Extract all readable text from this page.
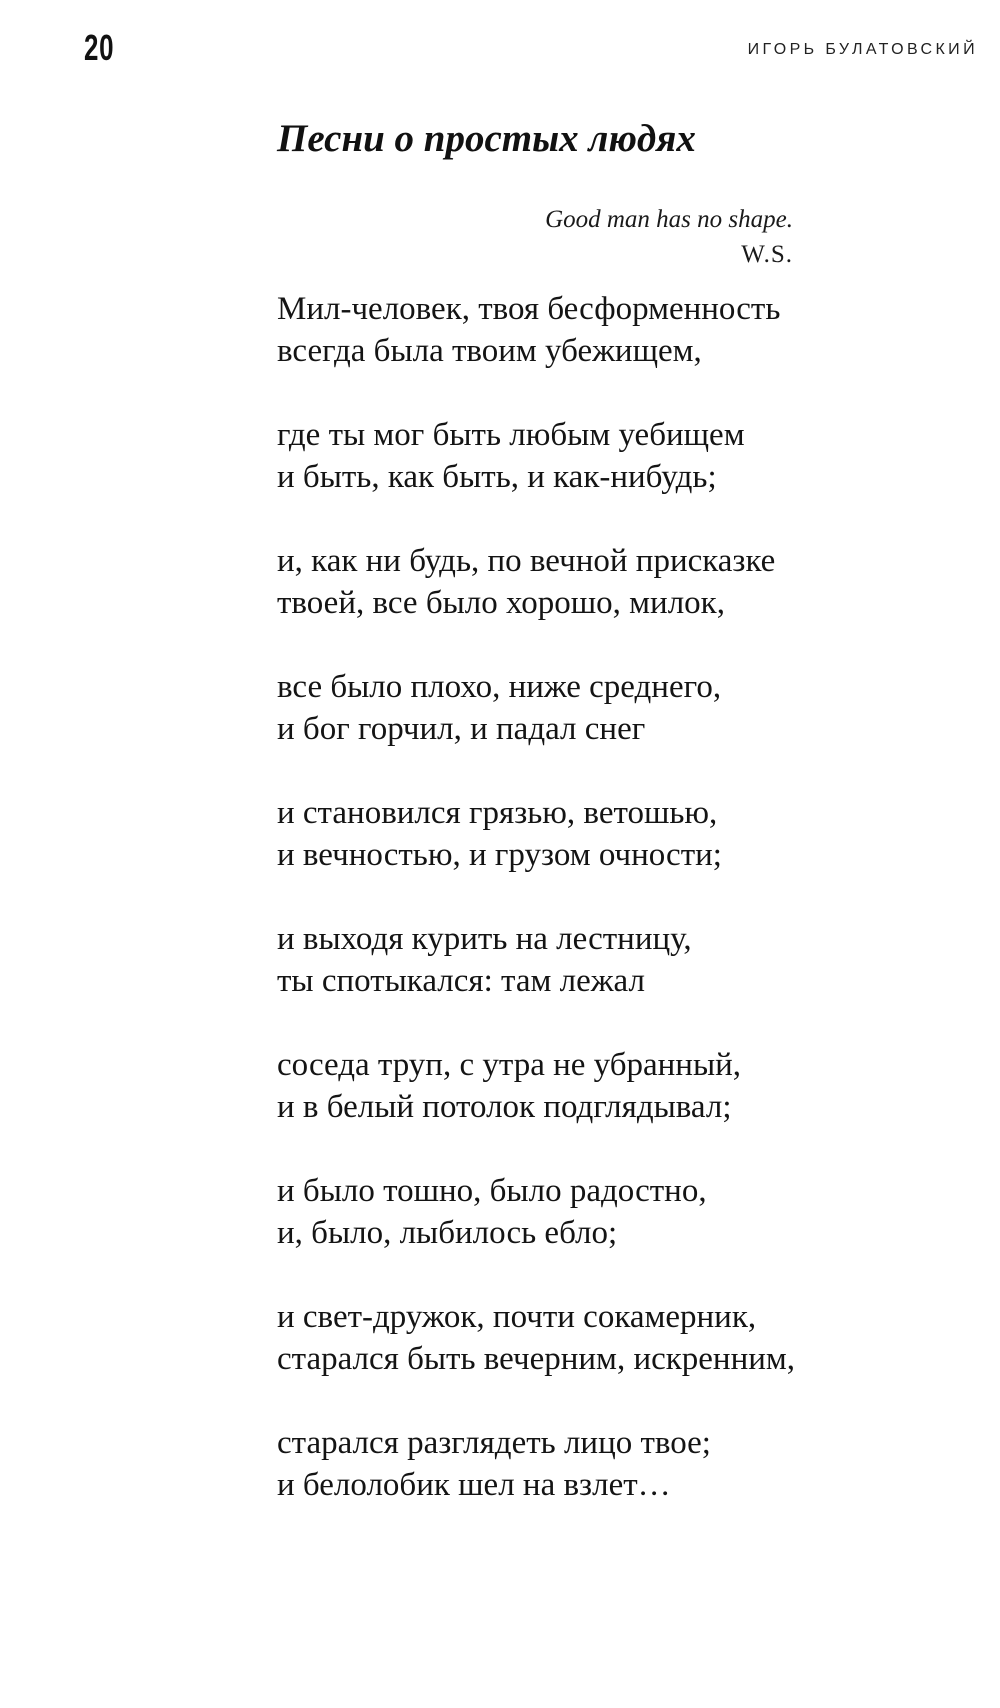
20	ИГОРЬ БУЛАТОВСКИЙ
Песни о простых людях
Good man has no shape.
W.S.
Мил-человек, твоя бесформенность
всегда была твоим убежищем,
где ты мог быть любым уебищем
и быть, как быть, и как-нибудь;
и, как ни будь, по вечной присказке
твоей, все было хорошо, милок,
все было плохо, ниже среднего,
и бог горчил, и падал снег
и становился грязью, ветошью,
и вечностью, и грузом очности;
и выходя курить на лестницу,
ты спотыкался: там лежал
соседа труп, с утра не убранный,
и в белый потолок подглядывал;
и было тошно, было радостно,
и, было, лыбилось ебло;
и свет-дружок, почти сокамерник,
старался быть вечерним, искренним,
старался разглядеть лицо твое;
и белолобик шел на взлет…
